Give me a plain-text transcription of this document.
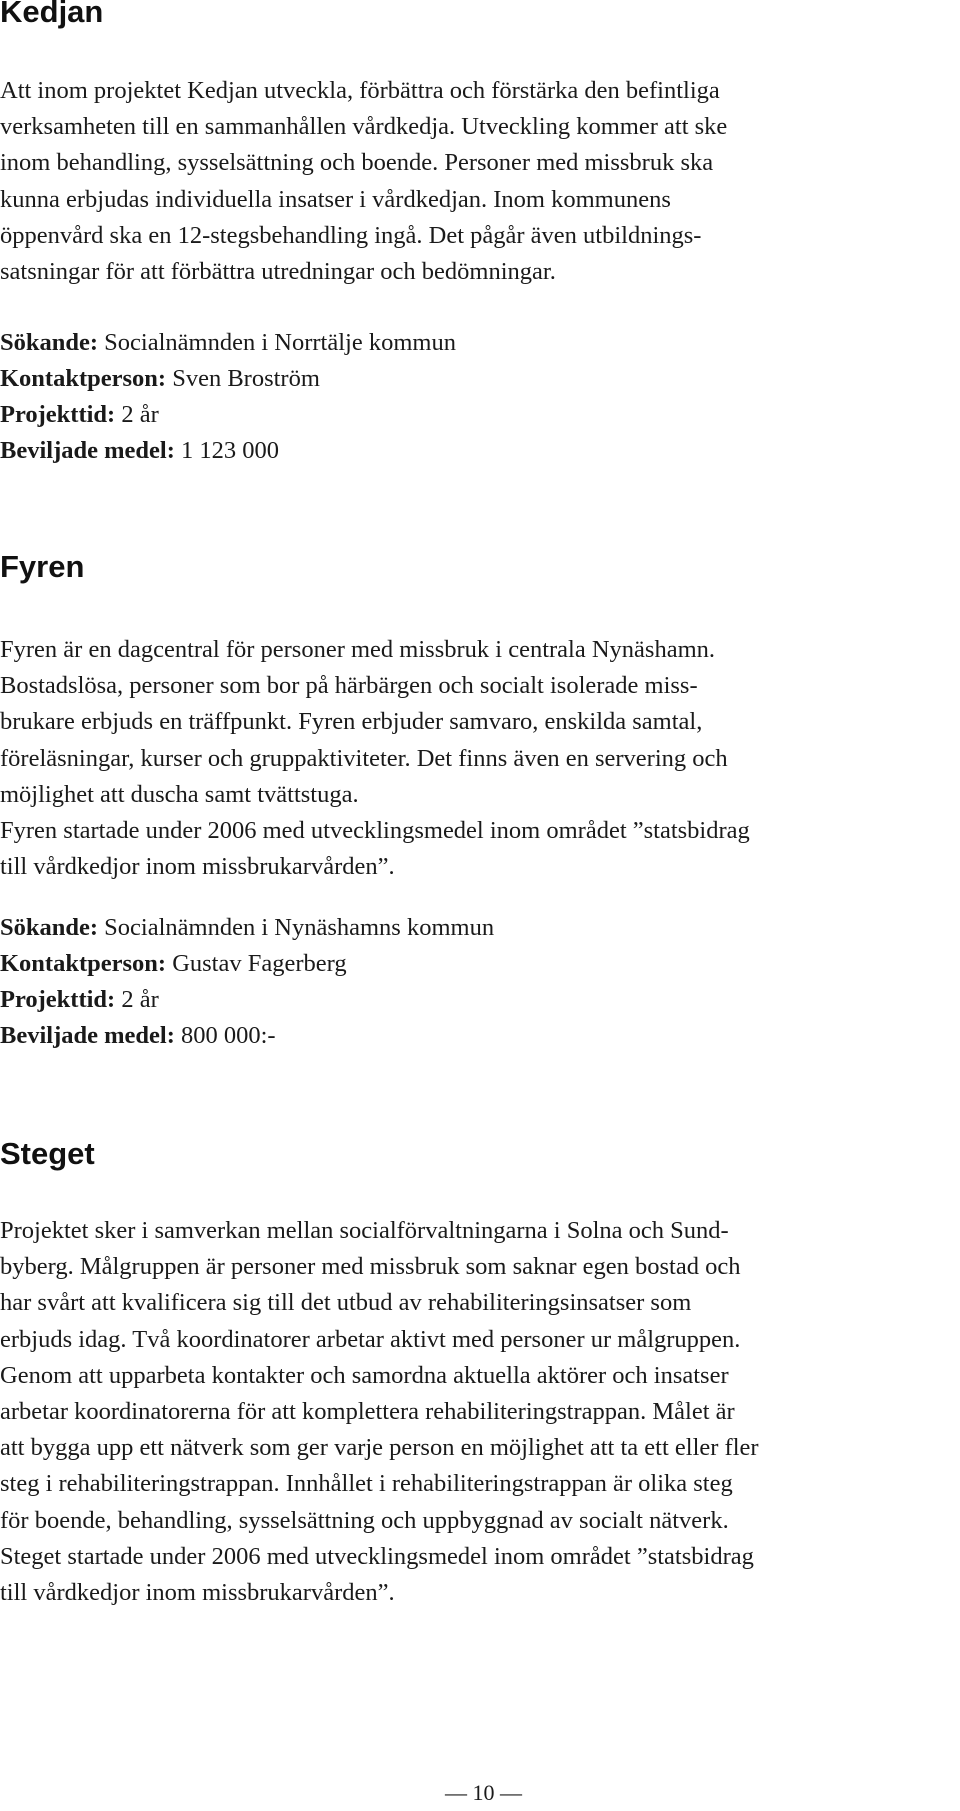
Kedjan

Att inom projektet Kedjan utveckla, förbättra och förstärka den befintliga
verksamheten till en sammanhållen vårdkedja. Utveckling kommer att ske
inom behandling, sysselsättning och boende. Personer med missbruk ska
kunna erbjudas individuella insatser i vårdkedjan. Inom kommunens
öppenvård ska en 12-stegsbehandling ingå. Det pågår även utbildnings-
satsningar för att förbättra utredningar och bedömningar.

Sökande: Socialnämnden i Norrtälje kommun
Kontaktperson: Sven Broström
Projekttid: 2 år
Beviljade medel: 1 123 000
Fyren

Fyren är en dagcentral för personer med missbruk i centrala Nynäshamn.
Bostadslösa, personer som bor på härbärgen och socialt isolerade miss-
brukare erbjuds en träffpunkt. Fyren erbjuder samvaro, enskilda samtal,
föreläsningar, kurser och gruppaktiviteter. Det finns även en servering och
möjlighet att duscha samt tvättstuga.
Fyren startade under 2006 med utvecklingsmedel inom området ”statsbidrag
till vårdkedjor inom missbrukarvården”.

Sökande: Socialnämnden i Nynäshamns kommun
Kontaktperson: Gustav Fagerberg
Projekttid: 2 år
Beviljade medel: 800 000:-
Steget

Projektet sker i samverkan mellan socialförvaltningarna i Solna och Sund-
byberg. Målgruppen är personer med missbruk som saknar egen bostad och
har svårt att kvalificera sig till det utbud av rehabiliteringsinsatser som
erbjuds idag. Två koordinatorer arbetar aktivt med personer ur målgruppen.
Genom att upparbeta kontakter och samordna aktuella aktörer och insatser
arbetar koordinatorerna för att komplettera rehabiliteringstrappan. Målet är
att bygga upp ett nätverk som ger varje person en möjlighet att ta ett eller fler
steg i rehabiliteringstrappan. Innhållet i rehabiliteringstrappan är olika steg
för boende, behandling, sysselsättning och uppbyggnad av socialt nätverk.
Steget startade under 2006 med utvecklingsmedel inom området ”statsbidrag
till vårdkedjor inom missbrukarvården”.

— 10 —
